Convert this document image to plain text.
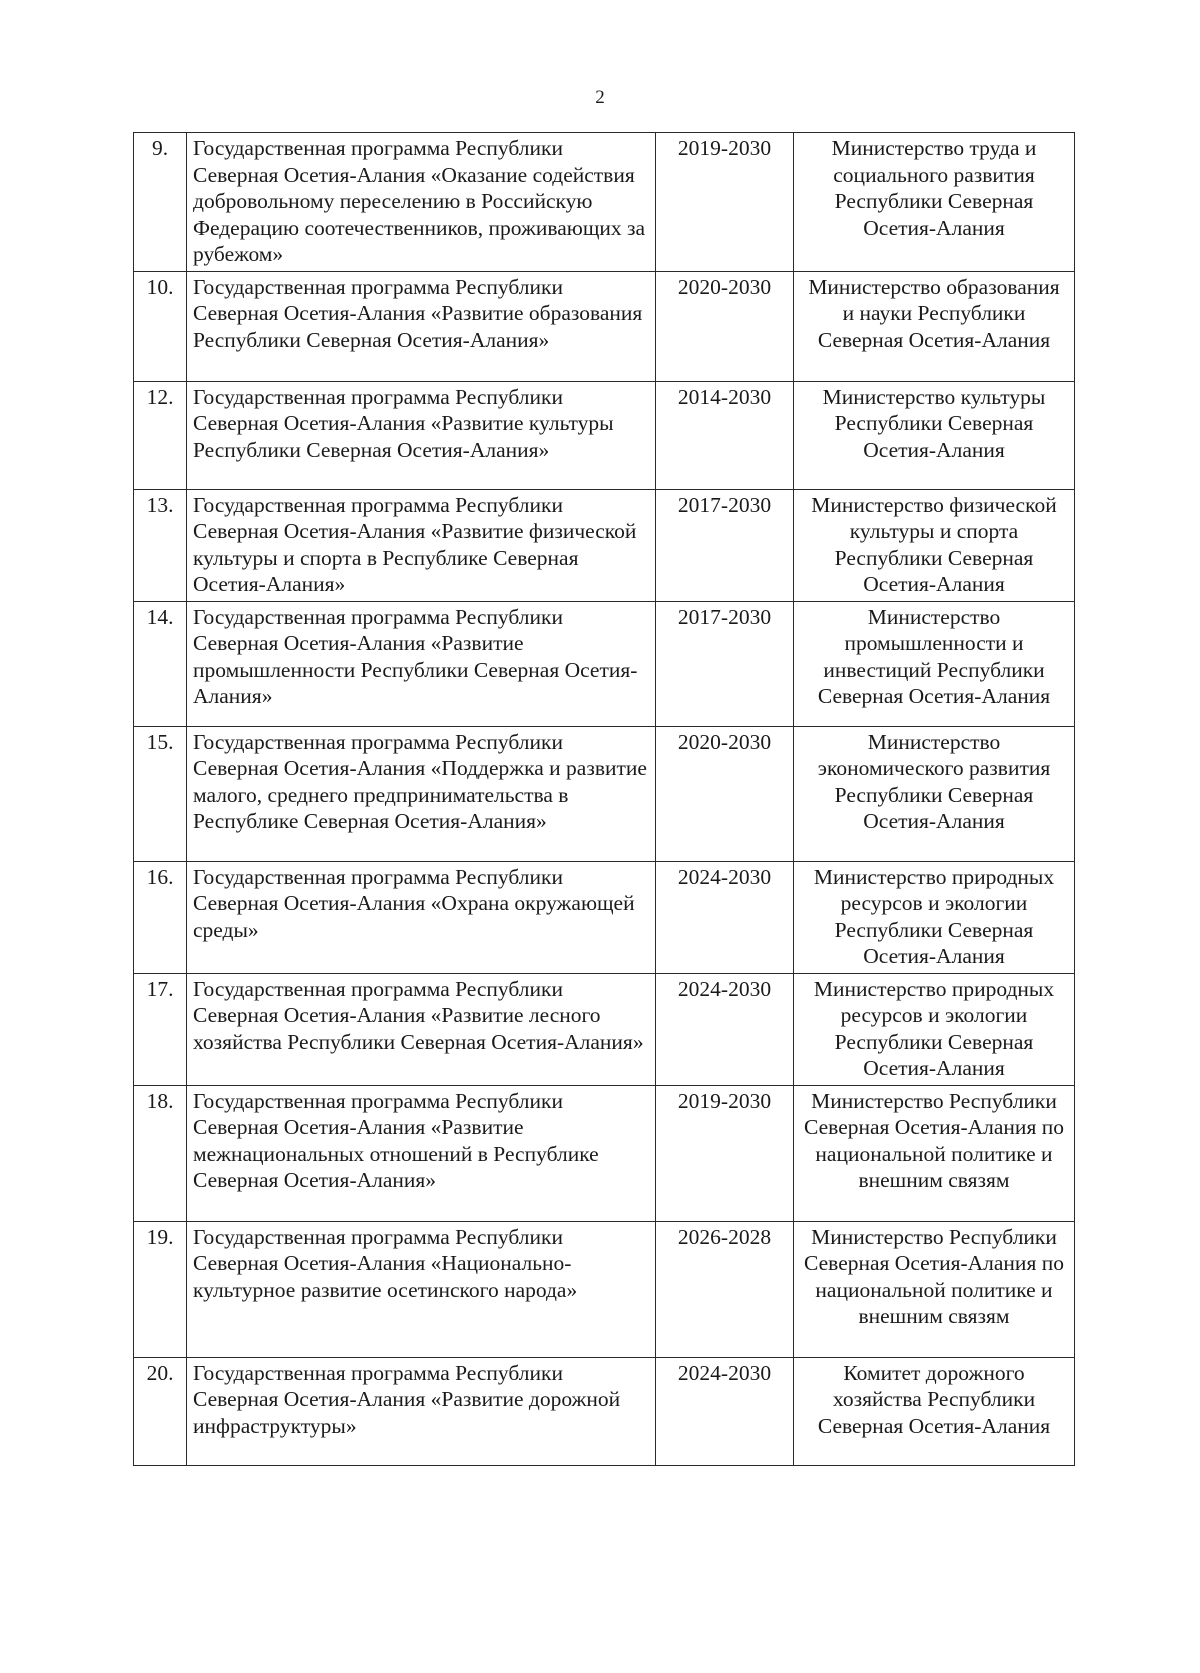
2
9.	Государственная программа Республики Северная Осетия-Алания «Оказание содействия добровольному переселению в Российскую Федерацию соотечественников, проживающих за рубежом»	2019-2030	Министерство труда и социального развития Республики Северная Осетия-Алания
10.	Государственная программа Республики Северная Осетия-Алания «Развитие образования Республики Северная Осетия-Алания»	2020-2030	Министерство образования и науки Республики Северная Осетия-Алания
12.	Государственная программа Республики Северная Осетия-Алания «Развитие культуры Республики Северная Осетия-Алания»	2014-2030	Министерство культуры Республики Северная Осетия-Алания
13.	Государственная программа Республики Северная Осетия-Алания «Развитие физической культуры и спорта в Республике Северная Осетия-Алания»	2017-2030	Министерство физической культуры и спорта Республики Северная Осетия-Алания
14.	Государственная программа Республики Северная Осетия-Алания «Развитие промышленности Республики Северная Осетия-Алания»	2017-2030	Министерство промышленности и инвестиций Республики Северная Осетия-Алания
15.	Государственная программа Республики Северная Осетия-Алания «Поддержка и развитие малого, среднего предпринимательства в Республике Северная Осетия-Алания»	2020-2030	Министерство экономического развития Республики Северная Осетия-Алания
16.	Государственная программа Республики Северная Осетия-Алания «Охрана окружающей среды»	2024-2030	Министерство природных ресурсов и экологии Республики Северная Осетия-Алания
17.	Государственная программа Республики Северная Осетия-Алания «Развитие лесного хозяйства Республики Северная Осетия-Алания»	2024-2030	Министерство природных ресурсов и экологии Республики Северная Осетия-Алания
18.	Государственная программа Республики Северная Осетия-Алания «Развитие межнациональных отношений в Республике Северная Осетия-Алания»	2019-2030	Министерство Республики Северная Осетия-Алания по национальной политике и внешним связям
19.	Государственная программа Республики Северная Осетия-Алания «Национально-культурное развитие осетинского народа»	2026-2028	Министерство Республики Северная Осетия-Алания по национальной политике и внешним связям
20.	Государственная программа Республики Северная Осетия-Алания «Развитие дорожной инфраструктуры»	2024-2030	Комитет дорожного хозяйства Республики Северная Осетия-Алания
